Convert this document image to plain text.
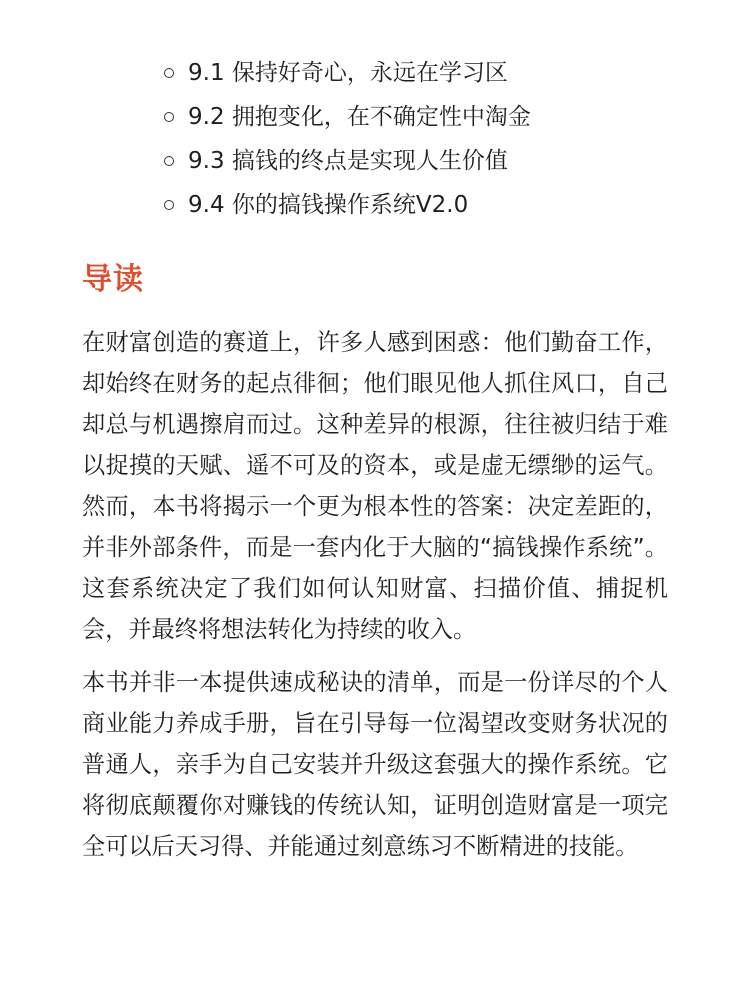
9.1 保持好奇心，永远在学习区
9.2 拥抱变化，在不确定性中淘金
9.3 搞钱的终点是实现人生价值
9.4 你的搞钱操作系统V2.0
导读

在财富创造的赛道上，许多人感到困惑：他们勤奋工作，却始终在财务的起点徘徊；他们眼见他人抓住风口，自己却总与机遇擦肩而过。这种差异的根源，往往被归结于难以捉摸的天赋、遥不可及的资本，或是虚无缥缈的运气。然而，本书将揭示一个更为根本性的答案：决定差距的，并非外部条件，而是一套内化于大脑的“搞钱操作系统”。这套系统决定了我们如何认知财富、扫描价值、捕捉机会，并最终将想法转化为持续的收入。

本书并非一本提供速成秘诀的清单，而是一份详尽的个人商业能力养成手册，旨在引导每一位渴望改变财务状况的普通人，亲手为自己安装并升级这套强大的操作系统。它将彻底颠覆你对赚钱的传统认知，证明创造财富是一项完全可以后天习得、并能通过刻意练习不断精进的技能。
